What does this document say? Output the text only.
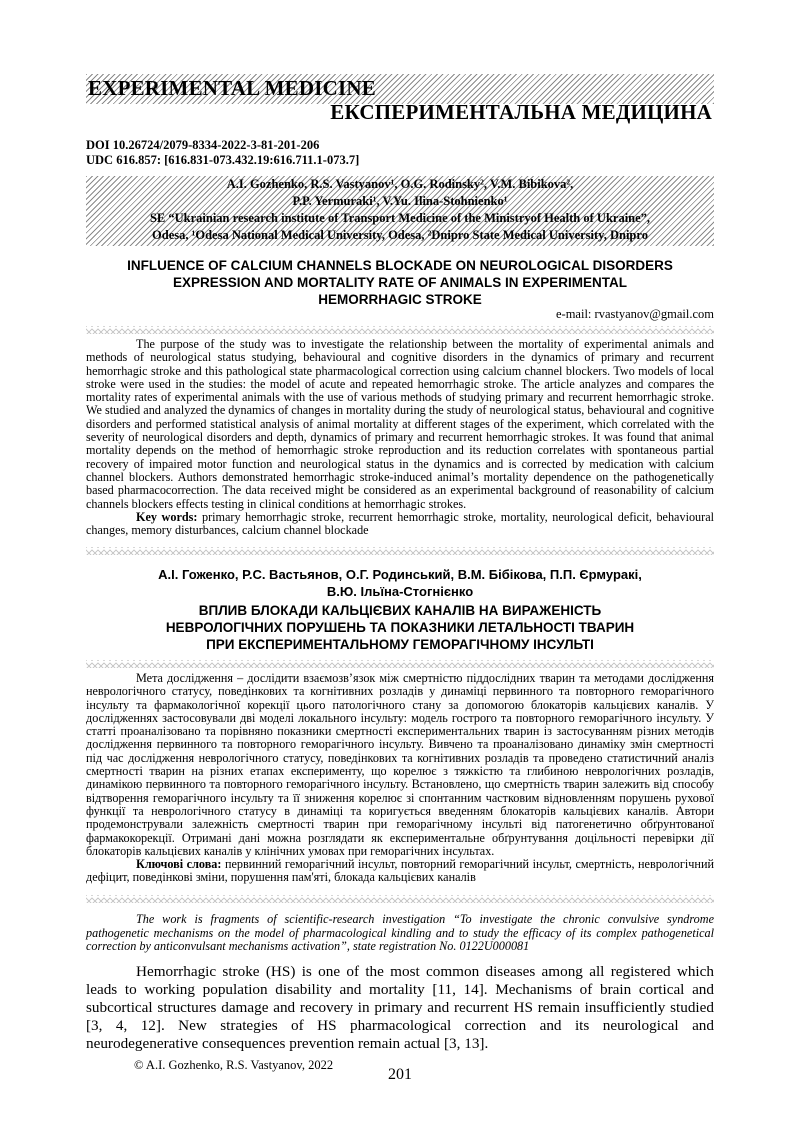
EXPERIMENTAL MEDICINE
ЕКСПЕРИМЕНТАЛЬНА МЕДИЦИНА
DOI 10.26724/2079-8334-2022-3-81-201-206
UDC 616.857: [616.831-073.432.19:616.711.1-073.7]
A.I. Gozhenko, R.S. Vastyanov¹, O.G. Rodinsky², V.M. Bibikova²,
P.P. Yermuraki¹, V.Yu. Ilina-Stohnienko¹
SE “Ukrainian research institute of Transport Medicine of the Ministryof Health of Ukraine”,
Odesa, ¹Odesa National Medical University, Odesa, ²Dnipro State Medical University, Dnipro
INFLUENCE OF CALCIUM CHANNELS BLOCKADE ON NEUROLOGICAL DISORDERS
EXPRESSION AND MORTALITY RATE OF ANIMALS IN EXPERIMENTAL
HEMORRHAGIC STROKE
e-mail: rvastyanov@gmail.com

The purpose of the study was to investigate the relationship between the mortality of experimental animals and methods of neurological status studying, behavioural and cognitive disorders in the dynamics of primary and recurrent hemorrhagic stroke and this pathological state pharmacological correction using calcium channel blockers. Two models of local stroke were used in the studies: the model of acute and repeated hemorrhagic stroke. The article analyzes and compares the mortality rates of experimental animals with the use of various methods of studying primary and recurrent hemorrhagic stroke. We studied and analyzed the dynamics of changes in mortality during the study of neurological status, behavioural and cognitive disorders and performed statistical analysis of animal mortality at different stages of the experiment, which correlated with the severity of neurological disorders and depth, dynamics of primary and recurrent hemorrhagic strokes. It was found that animal mortality depends on the method of hemorrhagic stroke reproduction and its reduction correlates with spontaneous partial recovery of impaired motor function and neurological status in the dynamics and is corrected by medication with calcium channel blockers. Authors demonstrated hemorrhagic stroke-induced animal’s mortality dependence on the pathogenetically based pharmacocorrection. The data received might be considered as an experimental background of reasonability of calcium channels blockers effects testing in clinical conditions at hemorrhagic strokes.

Key words: primary hemorrhagic stroke, recurrent hemorrhagic stroke, mortality, neurological deficit, behavioural changes, memory disturbances, calcium channel blockade

А.І. Гоженко, Р.С. Вастьянов, О.Г. Родинський, В.М. Бібікова, П.П. Єрмуракі,
В.Ю. Ільїна-Стогнієнко
ВПЛИВ БЛОКАДИ КАЛЬЦІЄВИХ КАНАЛІВ НА ВИРАЖЕНІСТЬ
НЕВРОЛОГІЧНИХ ПОРУШЕНЬ ТА ПОКАЗНИКИ ЛЕТАЛЬНОСТІ ТВАРИН
ПРИ ЕКСПЕРИМЕНТАЛЬНОМУ ГЕМОРАГІЧНОМУ ІНСУЛЬТІ

Мета дослідження – дослідити взаємозв’язок між смертністю піддослідних тварин та методами дослідження неврологічного статусу, поведінкових та когнітивних розладів у динаміці первинного та повторного геморагічного інсульту та фармакологічної корекції цього патологічного стану за допомогою блокаторів кальцієвих каналів. У дослідженнях застосовували дві моделі локального інсульту: модель гострого та повторного геморагічного інсульту. У статті проаналізовано та порівняно показники смертності експериментальних тварин із застосуванням різних методів дослідження первинного та повторного геморагічного інсульту. Вивчено та проаналізовано динаміку змін смертності під час дослідження неврологічного статусу, поведінкових та когнітивних розладів та проведено статистичний аналіз смертності тварин на різних етапах експерименту, що корелює з тяжкістю та глибиною неврологічних розладів, динамікою первинного та повторного геморагічного інсульту. Встановлено, що смертність тварин залежить від способу відтворення геморагічного інсульту та її зниження корелює зі спонтанним частковим відновленням порушень рухової функції та неврологічного статусу в динаміці та коригується введенням блокаторів кальцієвих каналів. Автори продемонстрували залежність смертності тварин при геморагічному інсульті від патогенетично обґрунтованої фармакокорекції. Отримані дані можна розглядати як експериментальне обґрунтування доцільності перевірки дії блокаторів кальцієвих каналів у клінічних умовах при геморагічних інсультах.

Ключові слова: первинний геморагічний інсульт, повторний геморагічний інсульт, смертність, неврологічний дефіцит, поведінкові зміни, порушення пам'яті, блокада кальцієвих каналів

The work is fragments of scientific-research investigation “To investigate the chronic convulsive syndrome pathogenetic mechanisms on the model of pharmacological kindling and to study the efficacy of its complex pathogenetical correction by anticonvulsant mechanisms activation”, state registration No. 0122U000081
Hemorrhagic stroke (HS) is one of the most common diseases among all registered which leads to working population disability and mortality [11, 14]. Mechanisms of brain cortical and subcortical structures damage and recovery in primary and recurrent HS remain insufficiently studied [3, 4, 12]. New strategies of HS pharmacological correction and its neurological and neurodegenerative consequences prevention remain actual [3, 13].
© A.I. Gozhenko, R.S. Vastyanov, 2022
201
